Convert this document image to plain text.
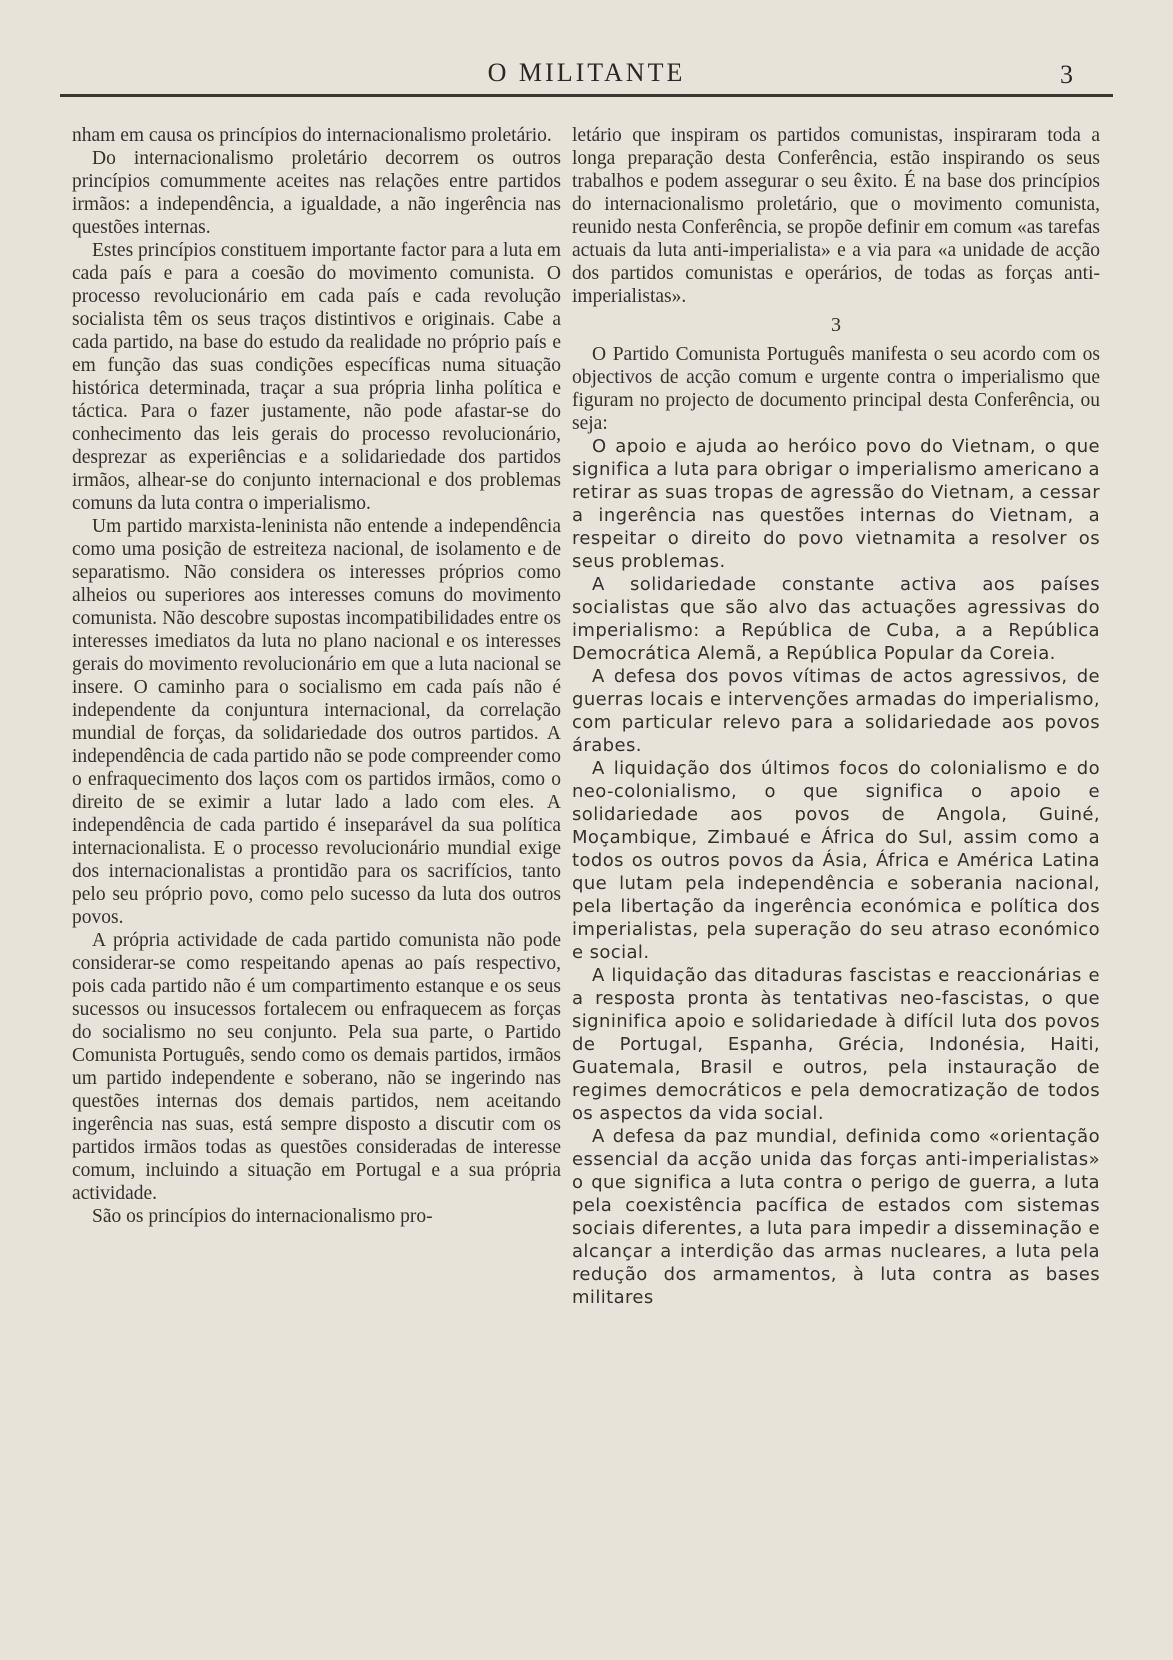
O MILITANTE	3

nham em causa os princípios do internacionalismo proletário.

Do internacionalismo proletário decorrem os outros princípios comummente aceites nas relações entre partidos irmãos: a independência, a igualdade, a não ingerência nas questões internas.

Estes princípios constituem importante factor para a luta em cada país e para a coesão do movimento comunista. O processo revolucionário em cada país e cada revolução socialista têm os seus traços distintivos e originais. Cabe a cada partido, na base do estudo da realidade no próprio país e em função das suas condições específicas numa situação histórica determinada, traçar a sua própria linha política e táctica. Para o fazer justamente, não pode afastar-se do conhecimento das leis gerais do processo revolucionário, desprezar as experiências e a solidariedade dos partidos irmãos, alhear-se do conjunto internacional e dos problemas comuns da luta contra o imperialismo.

Um partido marxista-leninista não entende a independência como uma posição de estreiteza nacional, de isolamento e de separatismo. Não considera os interesses próprios como alheios ou superiores aos interesses comuns do movimento comunista. Não descobre supostas incompatibilidades entre os interesses imediatos da luta no plano nacional e os interesses gerais do movimento revolucionário em que a luta nacional se insere. O caminho para o socialismo em cada país não é independente da conjuntura internacional, da correlação mundial de forças, da solidariedade dos outros partidos. A independência de cada partido não se pode compreender como o enfraquecimento dos laços com os partidos irmãos, como o direito de se eximir a lutar lado a lado com eles. A independência de cada partido é inseparável da sua política internacionalista. E o processo revolucionário mundial exige dos internacionalistas a prontidão para os sacrifícios, tanto pelo seu próprio povo, como pelo sucesso da luta dos outros povos.

A própria actividade de cada partido comunista não pode considerar-se como respeitando apenas ao país respectivo, pois cada partido não é um compartimento estanque e os seus sucessos ou insucessos fortalecem ou enfraquecem as forças do socialismo no seu conjunto. Pela sua parte, o Partido Comunista Português, sendo como os demais partidos, irmãos um partido independente e soberano, não se ingerindo nas questões internas dos demais partidos, nem aceitando ingerência nas suas, está sempre disposto a discutir com os partidos irmãos todas as questões consideradas de interesse comum, incluindo a situação em Portugal e a sua própria actividade.

São os princípios do internacionalismo pro-

letário que inspiram os partidos comunistas, inspiraram toda a longa preparação desta Conferência, estão inspirando os seus trabalhos e podem assegurar o seu êxito. É na base dos princípios do internacionalismo proletário, que o movimento comunista, reunido nesta Conferência, se propõe definir em comum «as tarefas actuais da luta anti-imperialista» e a via para «a unidade de acção dos partidos comunistas e operários, de todas as forças anti-imperialistas».

3

O Partido Comunista Português manifesta o seu acordo com os objectivos de acção comum e urgente contra o imperialismo que figuram no projecto de documento principal desta Conferência, ou seja:

O apoio e ajuda ao heróico povo do Vietnam, o que significa a luta para obrigar o imperialismo americano a retirar as suas tropas de agressão do Vietnam, a cessar a ingerência nas questões internas do Vietnam, a respeitar o direito do povo vietnamita a resolver os seus problemas.

A solidariedade constante activa aos países socialistas que são alvo das actuações agressivas do imperialismo: a República de Cuba, a a República Democrática Alemã, a República Popular da Coreia.

A defesa dos povos vítimas de actos agressivos, de guerras locais e intervenções armadas do imperialismo, com particular relevo para a solidariedade aos povos árabes.

A liquidação dos últimos focos do colonialismo e do neo-colonialismo, o que significa o apoio e solidariedade aos povos de Angola, Guiné, Moçambique, Zimbaué e África do Sul, assim como a todos os outros povos da Ásia, África e América Latina que lutam pela independência e soberania nacional, pela libertação da ingerência económica e política dos imperialistas, pela superação do seu atraso económico e social.

A liquidação das ditaduras fascistas e reaccionárias e a resposta pronta às tentativas neo-fascistas, o que signinifica apoio e solidariedade à difícil luta dos povos de Portugal, Espanha, Grécia, Indonésia, Haiti, Guatemala, Brasil e outros, pela instauração de regimes democráticos e pela democratização de todos os aspectos da vida social.

A defesa da paz mundial, definida como «orientação essencial da acção unida das forças anti-imperialistas» o que significa a luta contra o perigo de guerra, a luta pela coexistência pacífica de estados com sistemas sociais diferentes, a luta para impedir a disseminação e alcançar a interdição das armas nucleares, a luta pela redução dos armamentos, à luta contra as bases militares
